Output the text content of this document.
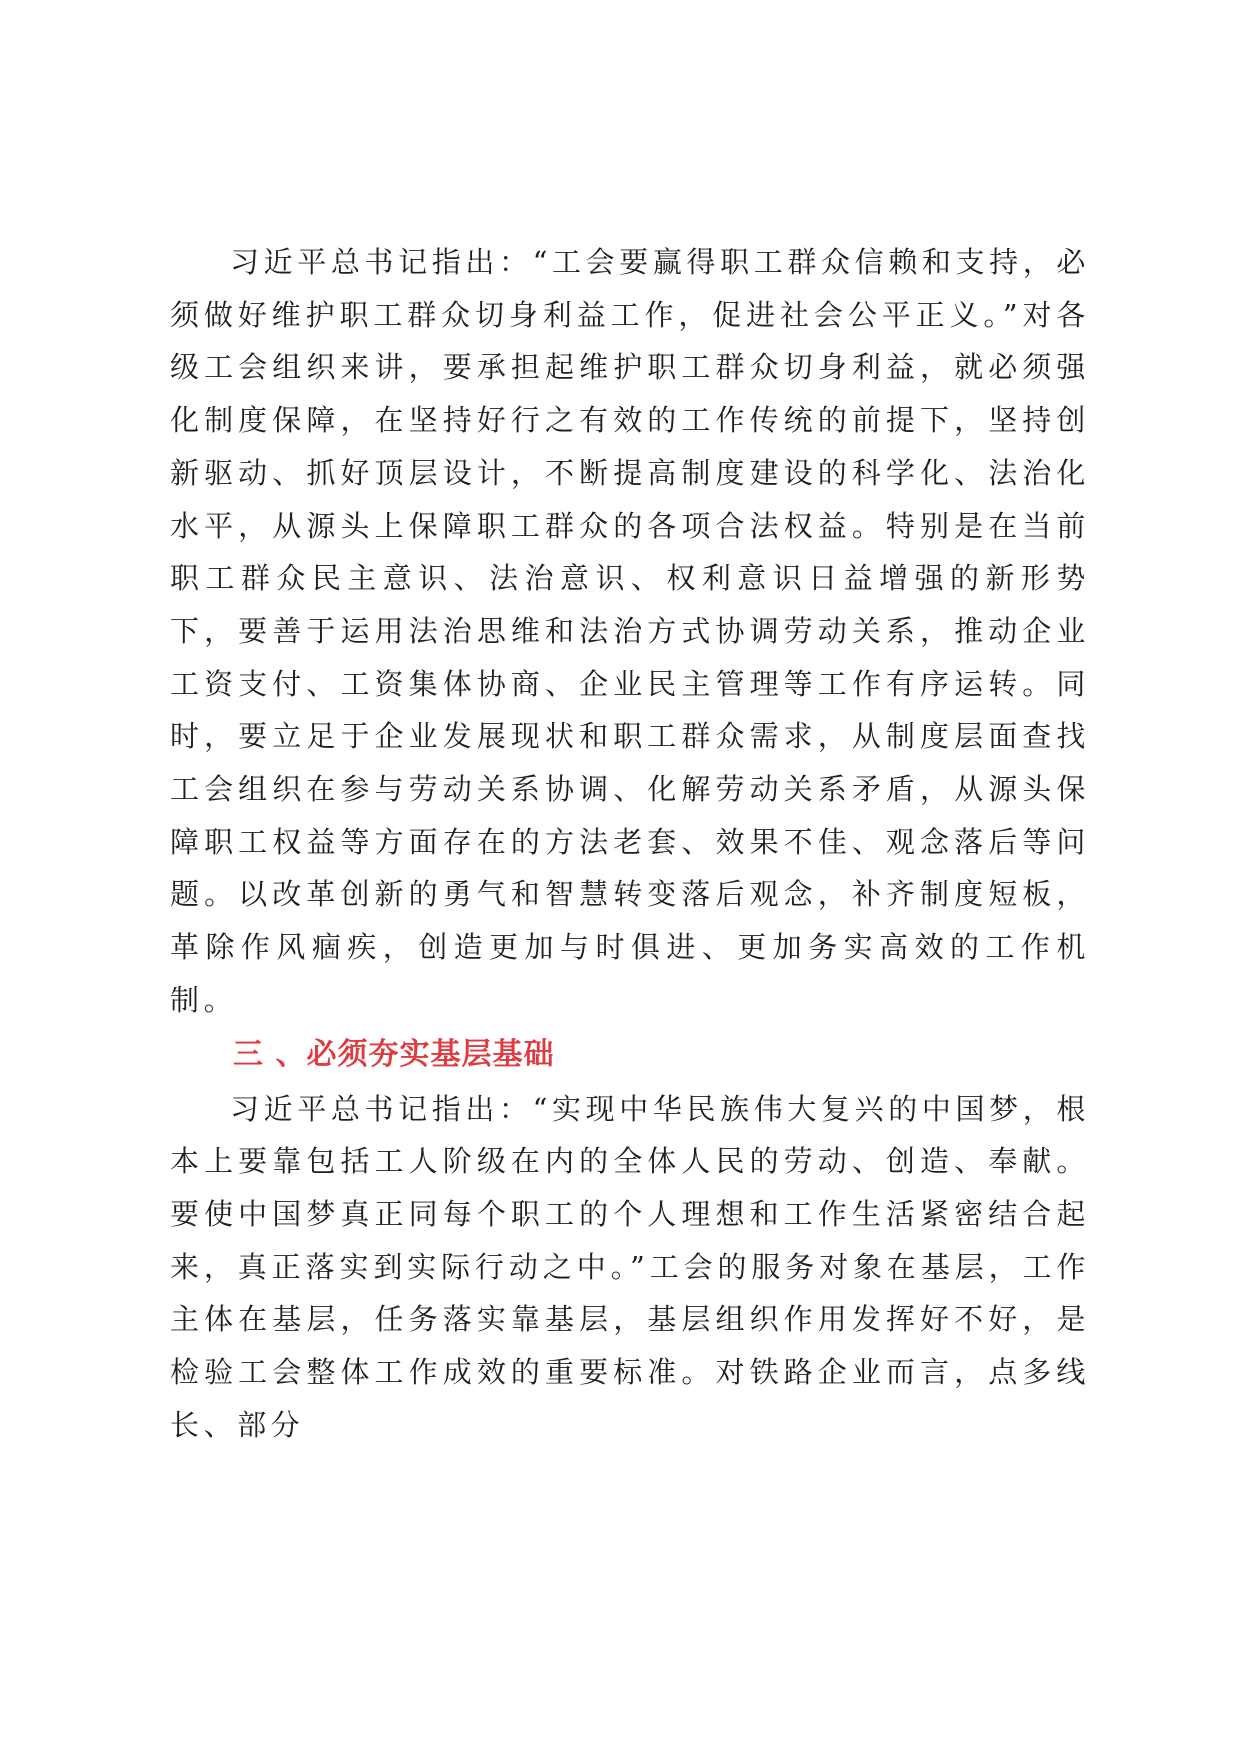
习近平总书记指出：“工会要赢得职工群众信赖和支持，必须做好维护职工群众切身利益工作，促进社会公平正义。”对各级工会组织来讲，要承担起维护职工群众切身利益，就必须强化制度保障，在坚持好行之有效的工作传统的前提下，坚持创新驱动、抓好顶层设计，不断提高制度建设的科学化、法治化水平，从源头上保障职工群众的各项合法权益。特别是在当前职工群众民主意识、法治意识、权利意识日益增强的新形势下，要善于运用法治思维和法治方式协调劳动关系，推动企业工资支付、工资集体协商、企业民主管理等工作有序运转。同时，要立足于企业发展现状和职工群众需求，从制度层面查找工会组织在参与劳动关系协调、化解劳动关系矛盾，从源头保障职工权益等方面存在的方法老套、效果不佳、观念落后等问题。以改革创新的勇气和智慧转变落后观念，补齐制度短板，革除作风痼疾，创造更加与时俱进、更加务实高效的工作机制。

三 、必须夯实基层基础

习近平总书记指出：“实现中华民族伟大复兴的中国梦，根本上要靠包括工人阶级在内的全体人民的劳动、创造、奉献。要使中国梦真正同每个职工的个人理想和工作生活紧密结合起来，真正落实到实际行动之中。”工会的服务对象在基层，工作主体在基层，任务落实靠基层，基层组织作用发挥好不好，是检验工会整体工作成效的重要标准。对铁路企业而言，点多线长、部分
